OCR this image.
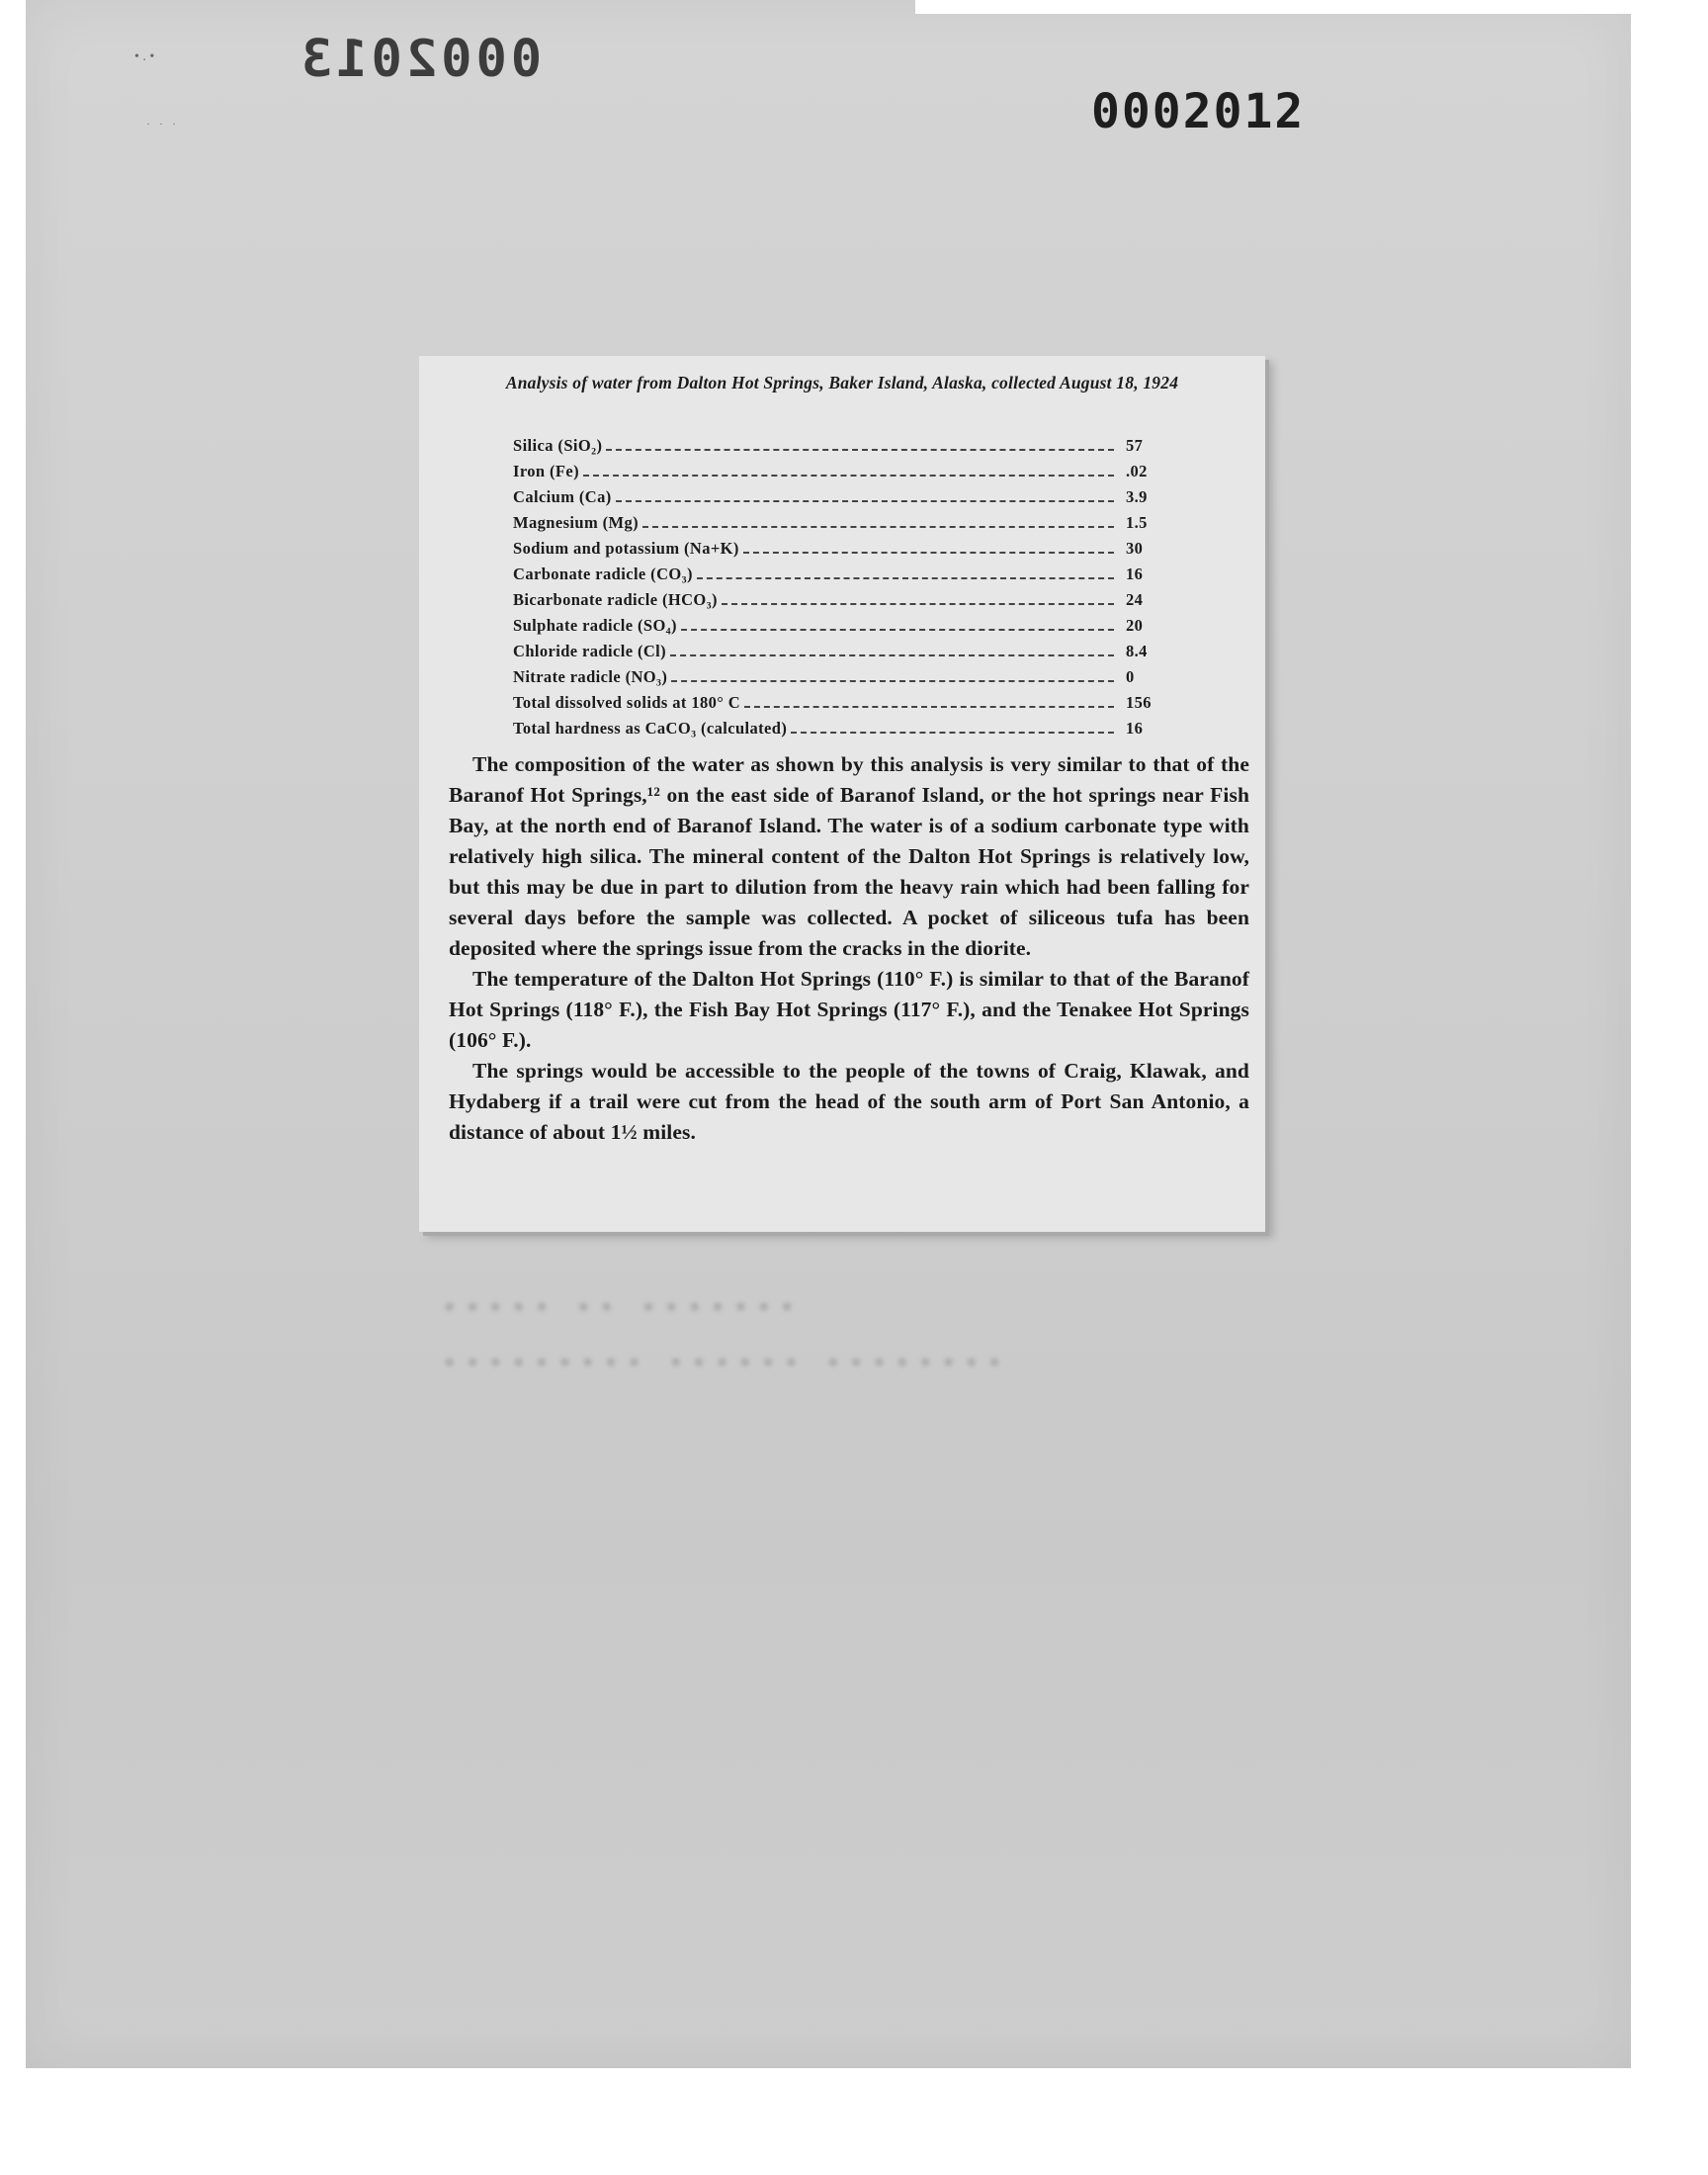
• . •
· · ·
0002013
0002012
····· ·· ·······
········· ······ ········
Analysis of water from Dalton Hot Springs, Baker Island, Alaska, collected August 18, 1924
Silica (SiO₂)	57
Iron (Fe)	.02
Calcium (Ca)	3.9
Magnesium (Mg)	1.5
Sodium and potassium (Na+K)	30
Carbonate radicle (CO₃)	16
Bicarbonate radicle (HCO₃)	24
Sulphate radicle (SO₄)	20
Chloride radicle (Cl)	8.4
Nitrate radicle (NO₃)	0
Total dissolved solids at 180° C	156
Total hardness as CaCO₃ (calculated)	16

The composition of the water as shown by this analysis is very similar to that of the Baranof Hot Springs,¹² on the east side of Baranof Island, or the hot springs near Fish Bay, at the north end of Baranof Island. The water is of a sodium carbonate type with relatively high silica. The mineral content of the Dalton Hot Springs is relatively low, but this may be due in part to dilution from the heavy rain which had been falling for several days before the sample was collected. A pocket of siliceous tufa has been deposited where the springs issue from the cracks in the diorite.

The temperature of the Dalton Hot Springs (110° F.) is similar to that of the Baranof Hot Springs (118° F.), the Fish Bay Hot Springs (117° F.), and the Tenakee Hot Springs (106° F.).

The springs would be accessible to the people of the towns of Craig, Klawak, and Hydaberg if a trail were cut from the head of the south arm of Port San Antonio, a distance of about 1½ miles.
